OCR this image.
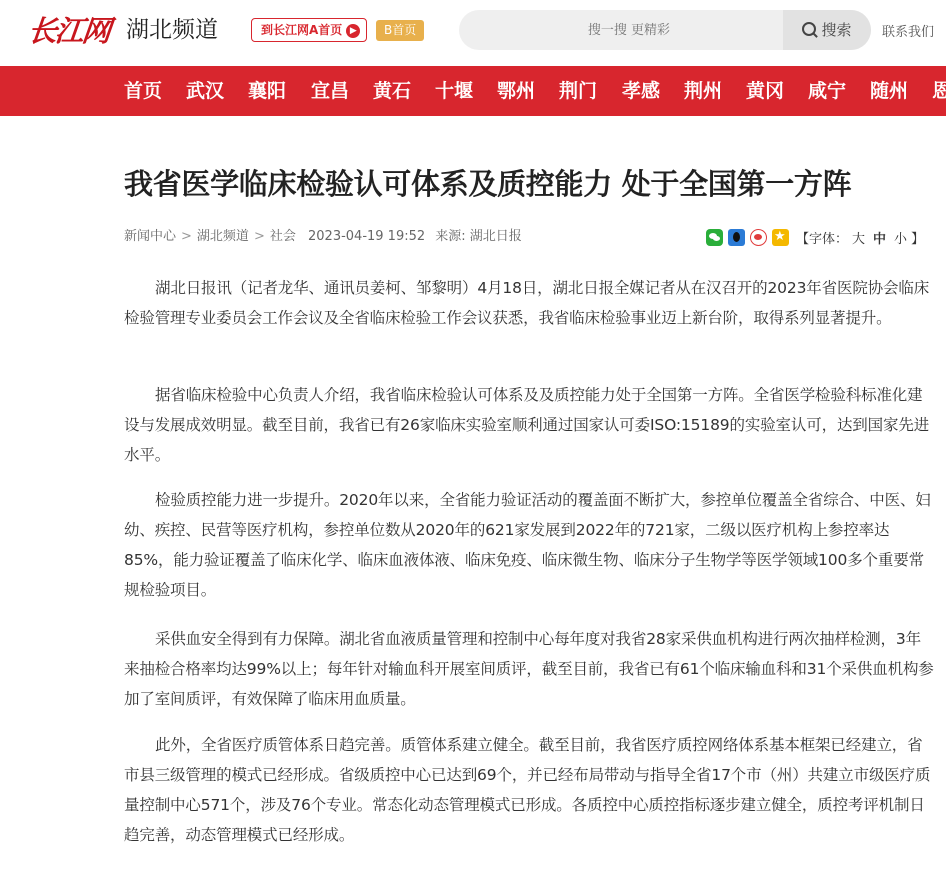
长江网 湖北频道	到长江网A首页 ▶	B首页
搜一搜 更精彩	搜索	联系我们
首页 武汉 襄阳 宜昌 黄石 十堰 鄂州 荆门 孝感 荆州 黄冈 咸宁 随州 恩
我省医学临床检验认可体系及质控能力 处于全国第一方阵
新闻中心 > 湖北频道 > 社会 2023-04-19 19:52 来源: 湖北日报
★	【字体： 大 中 小 】

湖北日报讯（记者龙华、通讯员姜柯、邹黎明）4月18日，湖北日报全媒记者从在汉召开的2023年省医院协会临床检验管理专业委员会工作会议及全省临床检验工作会议获悉，我省临床检验事业迈上新台阶，取得系列显著提升。

据省临床检验中心负责人介绍，我省临床检验认可体系及及质控能力处于全国第一方阵。全省医学检验科标准化建设与发展成效明显。截至目前，我省已有26家临床实验室顺利通过国家认可委ISO:15189的实验室认可，达到国家先进水平。

检验质控能力进一步提升。2020年以来，全省能力验证活动的覆盖面不断扩大，参控单位覆盖全省综合、中医、妇幼、疾控、民营等医疗机构，参控单位数从2020年的621家发展到2022年的721家，二级以医疗机构上参控率达85%，能力验证覆盖了临床化学、临床血液体液、临床免疫、临床微生物、临床分子生物学等医学领域100多个重要常规检验项目。

采供血安全得到有力保障。湖北省血液质量管理和控制中心每年度对我省28家采供血机构进行两次抽样检测，3年来抽检合格率均达99%以上；每年针对输血科开展室间质评，截至目前，我省已有61个临床输血科和31个采供血机构参加了室间质评，有效保障了临床用血质量。

此外，全省医疗质管体系日趋完善。质管体系建立健全。截至目前，我省医疗质控网络体系基本框架已经建立，省市县三级管理的模式已经形成。省级质控中心已达到69个，并已经布局带动与指导全省17个市（州）共建立市级医疗质量控制中心571个，涉及76个专业。常态化动态管理模式已形成。各质控中心质控指标逐步建立健全，质控考评机制日趋完善，动态管理模式已经形成。
